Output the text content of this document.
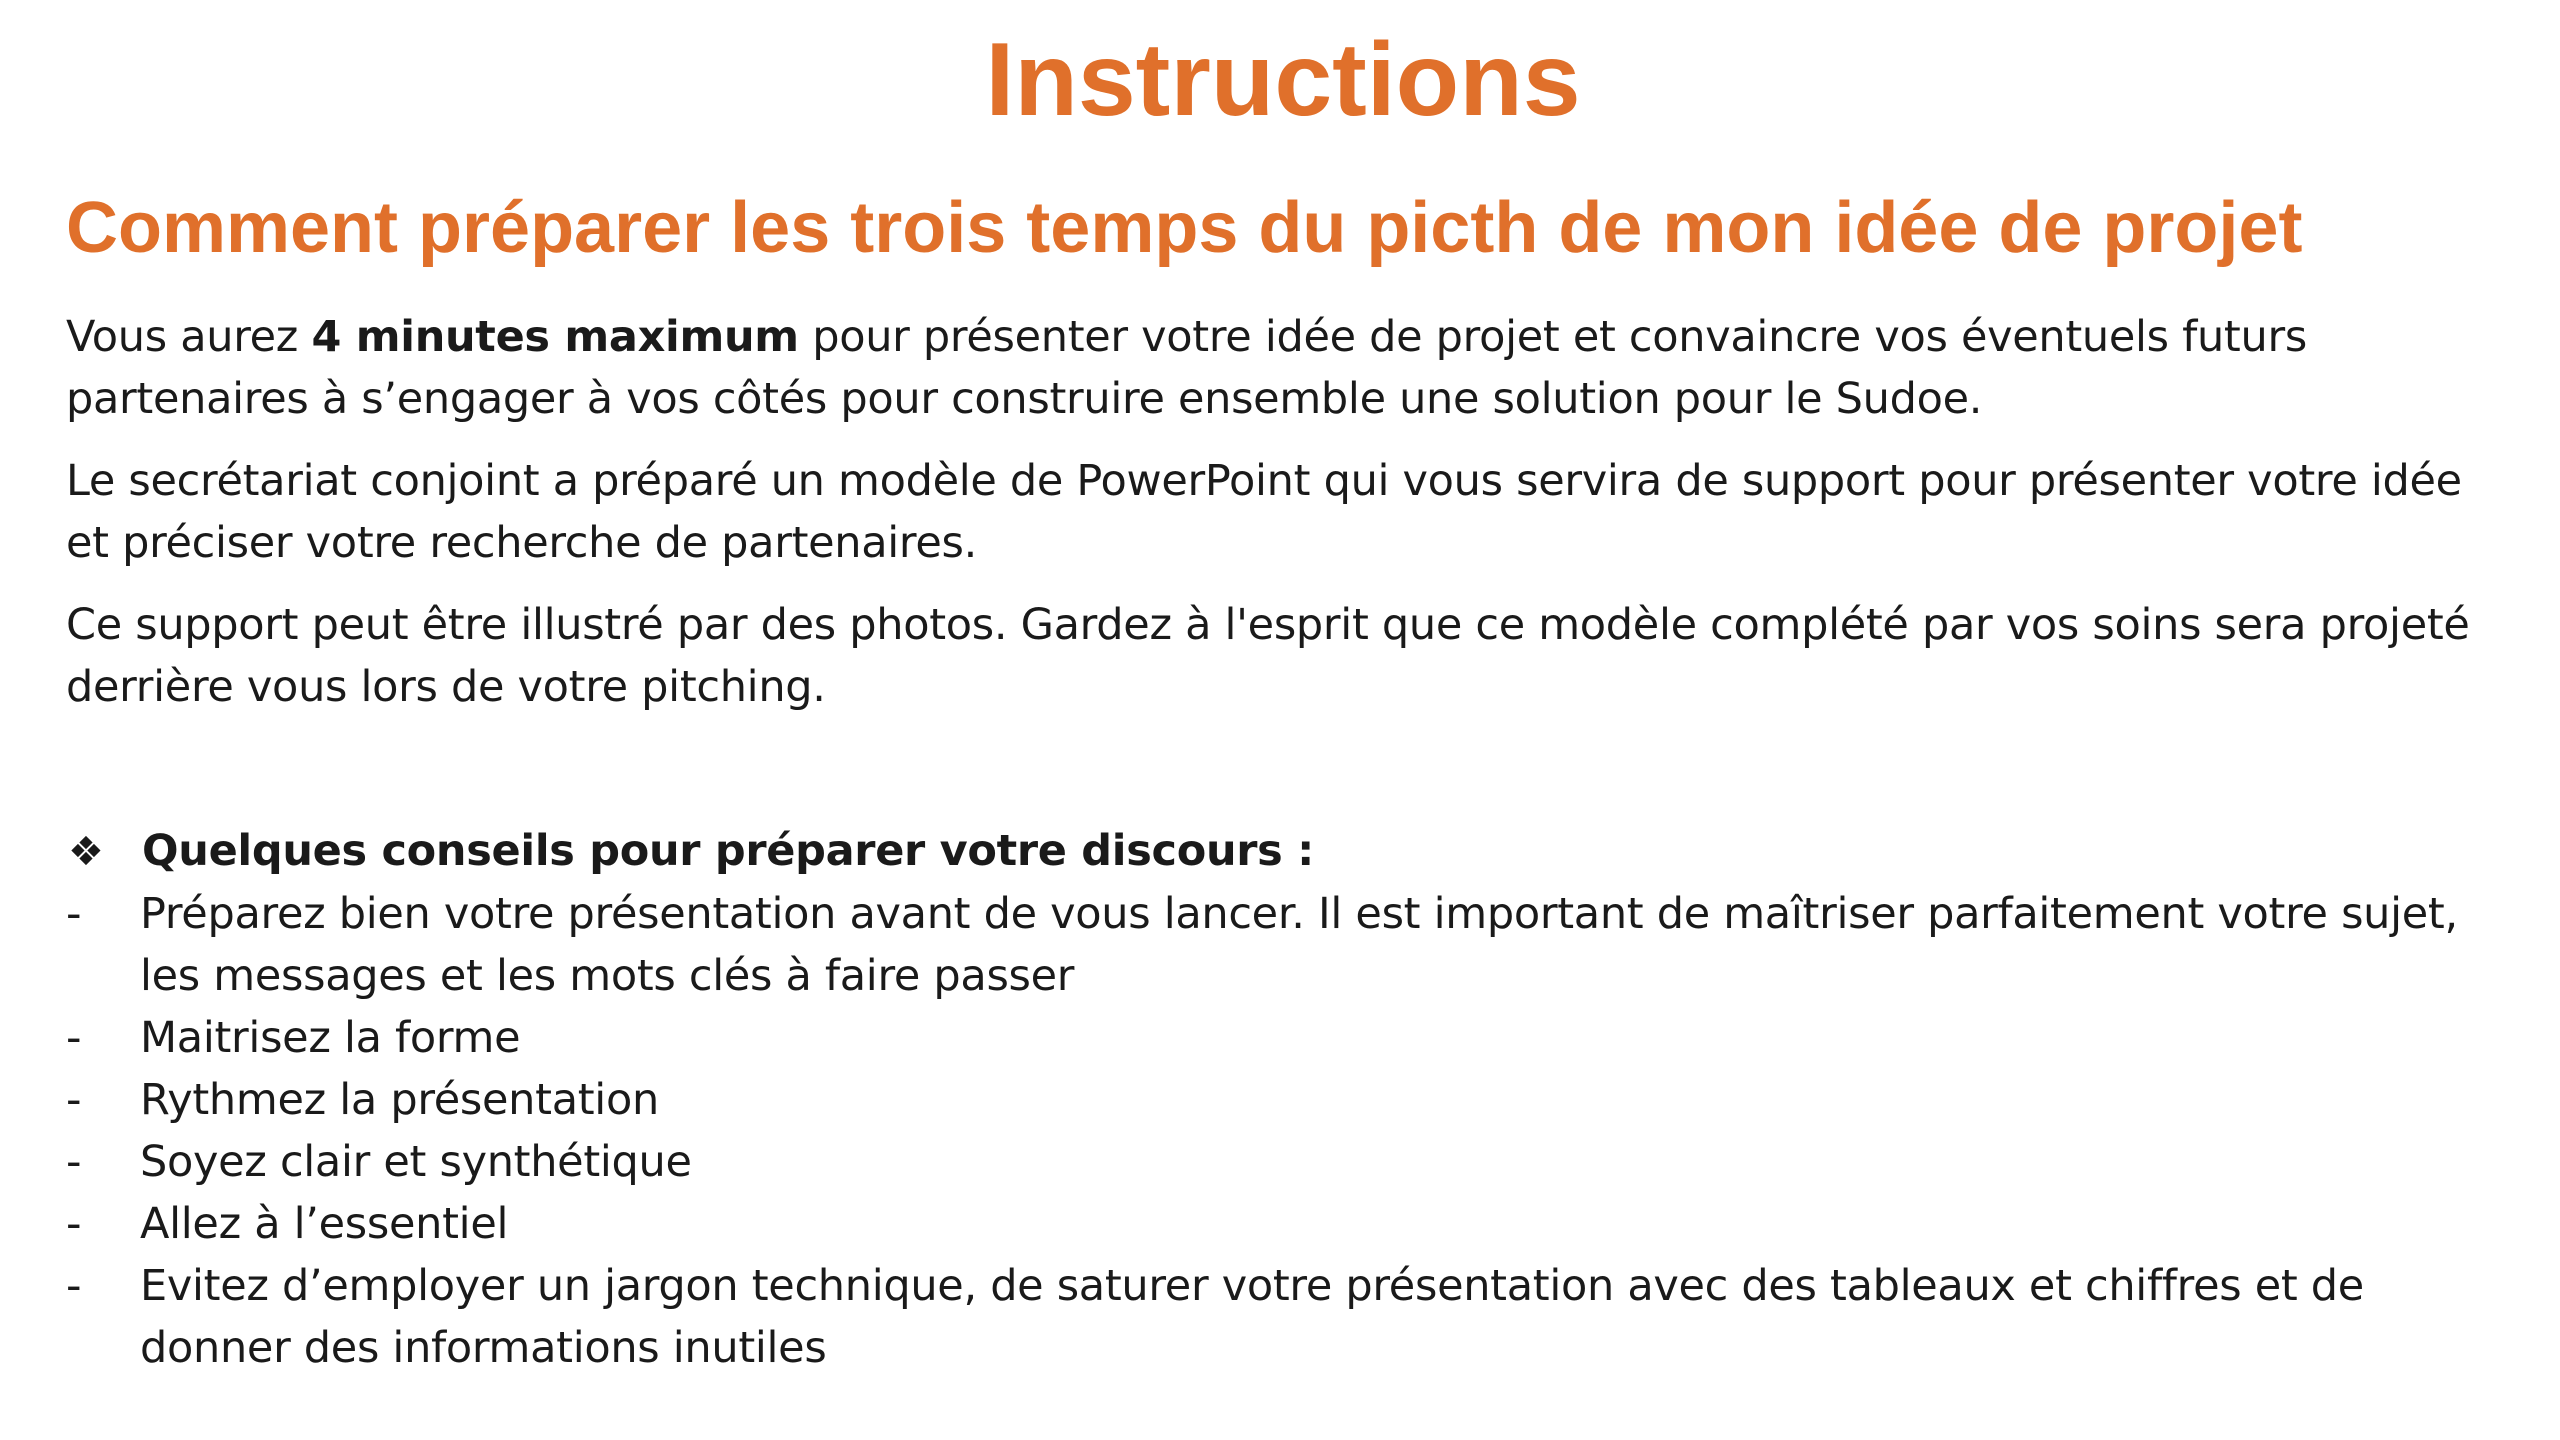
Instructions
Comment préparer les trois temps du picth de mon idée de projet

Vous aurez 4 minutes maximum pour présenter votre idée de projet et convaincre vos éventuels futurs partenaires à s’engager à vos côtés pour construire ensemble une solution pour le Sudoe.

Le secrétariat conjoint a préparé un modèle de PowerPoint qui vous servira de support pour présenter votre idée et préciser votre recherche de partenaires.

Ce support peut être illustré par des photos. Gardez à l'esprit que ce modèle complété par vos soins sera projeté derrière vous lors de votre pitching.

❖ Quelques conseils pour préparer votre discours :
-	Préparez bien votre présentation avant de vous lancer. Il est important de maîtriser parfaitement votre sujet, les messages et les mots clés à faire passer
-	Maitrisez la forme
-	Rythmez la présentation
-	Soyez clair et synthétique
-	Allez à l’essentiel
-	Evitez d’employer un jargon technique, de saturer votre présentation avec des tableaux et chiffres et de donner des informations inutiles
